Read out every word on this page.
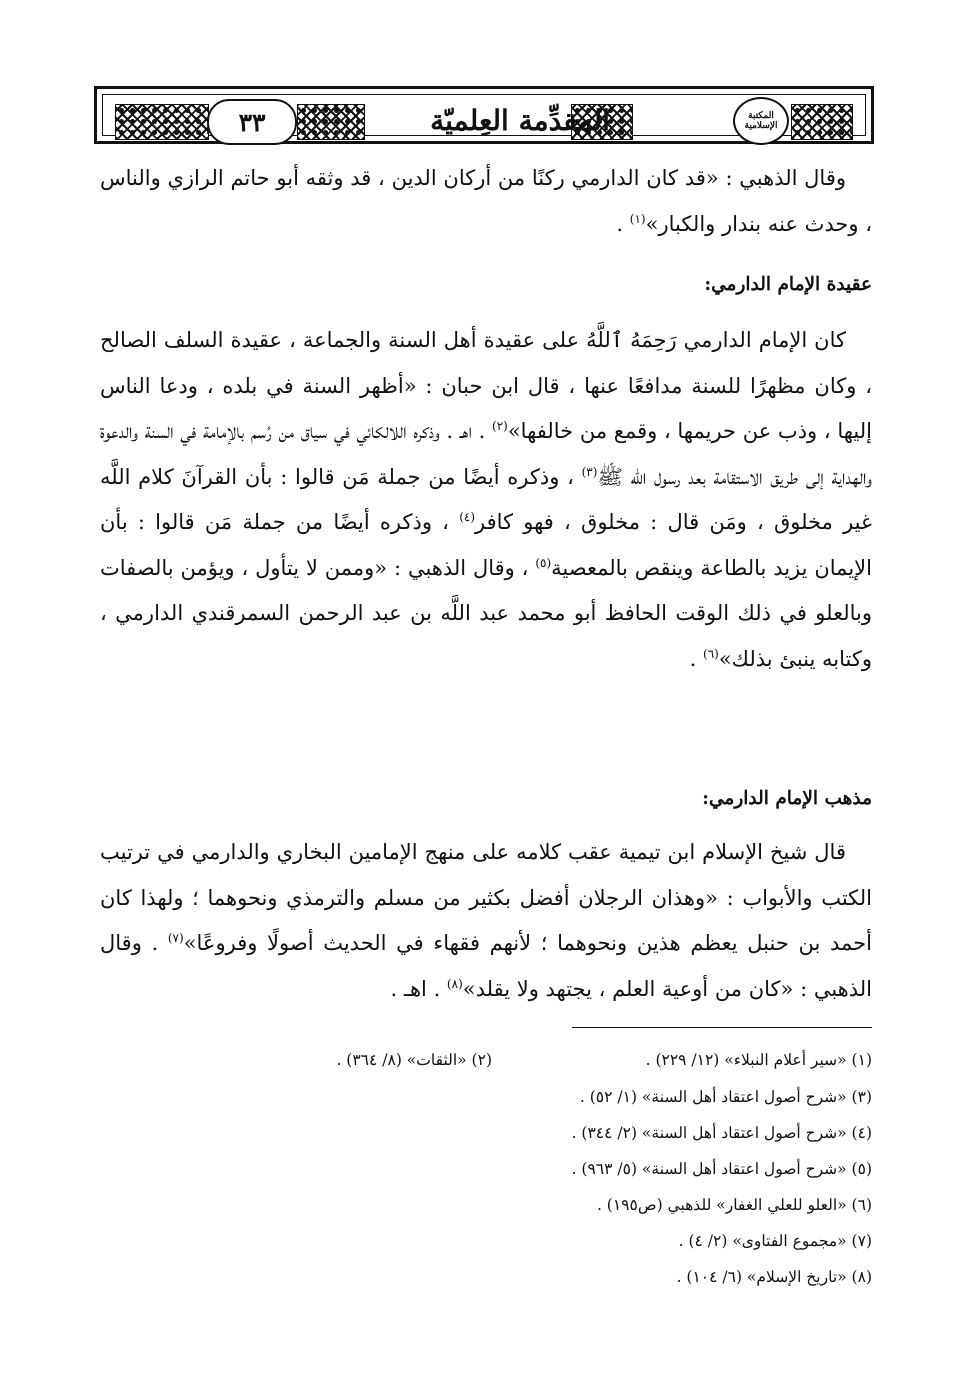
٣٣	المقدِّمة العِلميّة	المكتبة الإسلامية

وقال الذهبي : «قد كان الدارمي ركنًا من أركان الدين ، قد وثقه أبو حاتم الرازي والناس ، وحدث عنه بندار والكبار»$^{(١)}$ .

عقيدة الإمام الدارمي:

كان الإمام الدارمي رَحِمَهُ ٱللَّهُ على عقيدة أهل السنة والجماعة ، عقيدة السلف الصالح ، وكان مظهرًا للسنة مدافعًا عنها ، قال ابن حبان : «أظهر السنة في بلده ، ودعا الناس إليها ، وذب عن حريمها ، وقمع من خالفها»$^{(٢)}$ . اهـ . وذكره اللالكائي في سياق من رُسم بالإمامة في السنة والدعوة والهداية إلى طريق الاستقامة بعد رسول الله ﷺ$^{(٣)}$ ، وذكره أيضًا من جملة مَن قالوا : بأن القرآنَ كلام اللَّه غير مخلوق ، ومَن قال : مخلوق ، فهو كافر$^{(٤)}$ ، وذكره أيضًا من جملة مَن قالوا : بأن الإيمان يزيد بالطاعة وينقص بالمعصية$^{(٥)}$ ، وقال الذهبي : «وممن لا يتأول ، ويؤمن بالصفات وبالعلو في ذلك الوقت الحافظ أبو محمد عبد اللَّه بن عبد الرحمن السمرقندي الدارمي ، وكتابه ينبئ بذلك»$^{(٦)}$ .

مذهب الإمام الدارمي:

قال شيخ الإسلام ابن تيمية عقب كلامه على منهج الإمامين البخاري والدارمي في ترتيب الكتب والأبواب : «وهذان الرجلان أفضل بكثير من مسلم والترمذي ونحوهما ؛ ولهذا كان أحمد بن حنبل يعظم هذين ونحوهما ؛ لأنهم فقهاء في الحديث أصولًا وفروعًا»$^{(٧)}$ . وقال الذهبي : «كان من أوعية العلم ، يجتهد ولا يقلد»$^{(٨)}$ . اهـ .

(١) «سير أعلام النبلاء» (١٢/ ٢٢٩) .
(٢) «الثقات» (٨/ ٣٦٤) .
(٣) «شرح أصول اعتقاد أهل السنة» (١/ ٥٢) .
(٤) «شرح أصول اعتقاد أهل السنة» (٢/ ٣٤٤) .
(٥) «شرح أصول اعتقاد أهل السنة» (٥/ ٩٦٣) .
(٦) «العلو للعلي الغفار» للذهبي (ص١٩٥) .
(٧) «مجموع الفتاوى» (٢/ ٤) .
(٨) «تاريخ الإسلام» (٦/ ١٠٤) .
